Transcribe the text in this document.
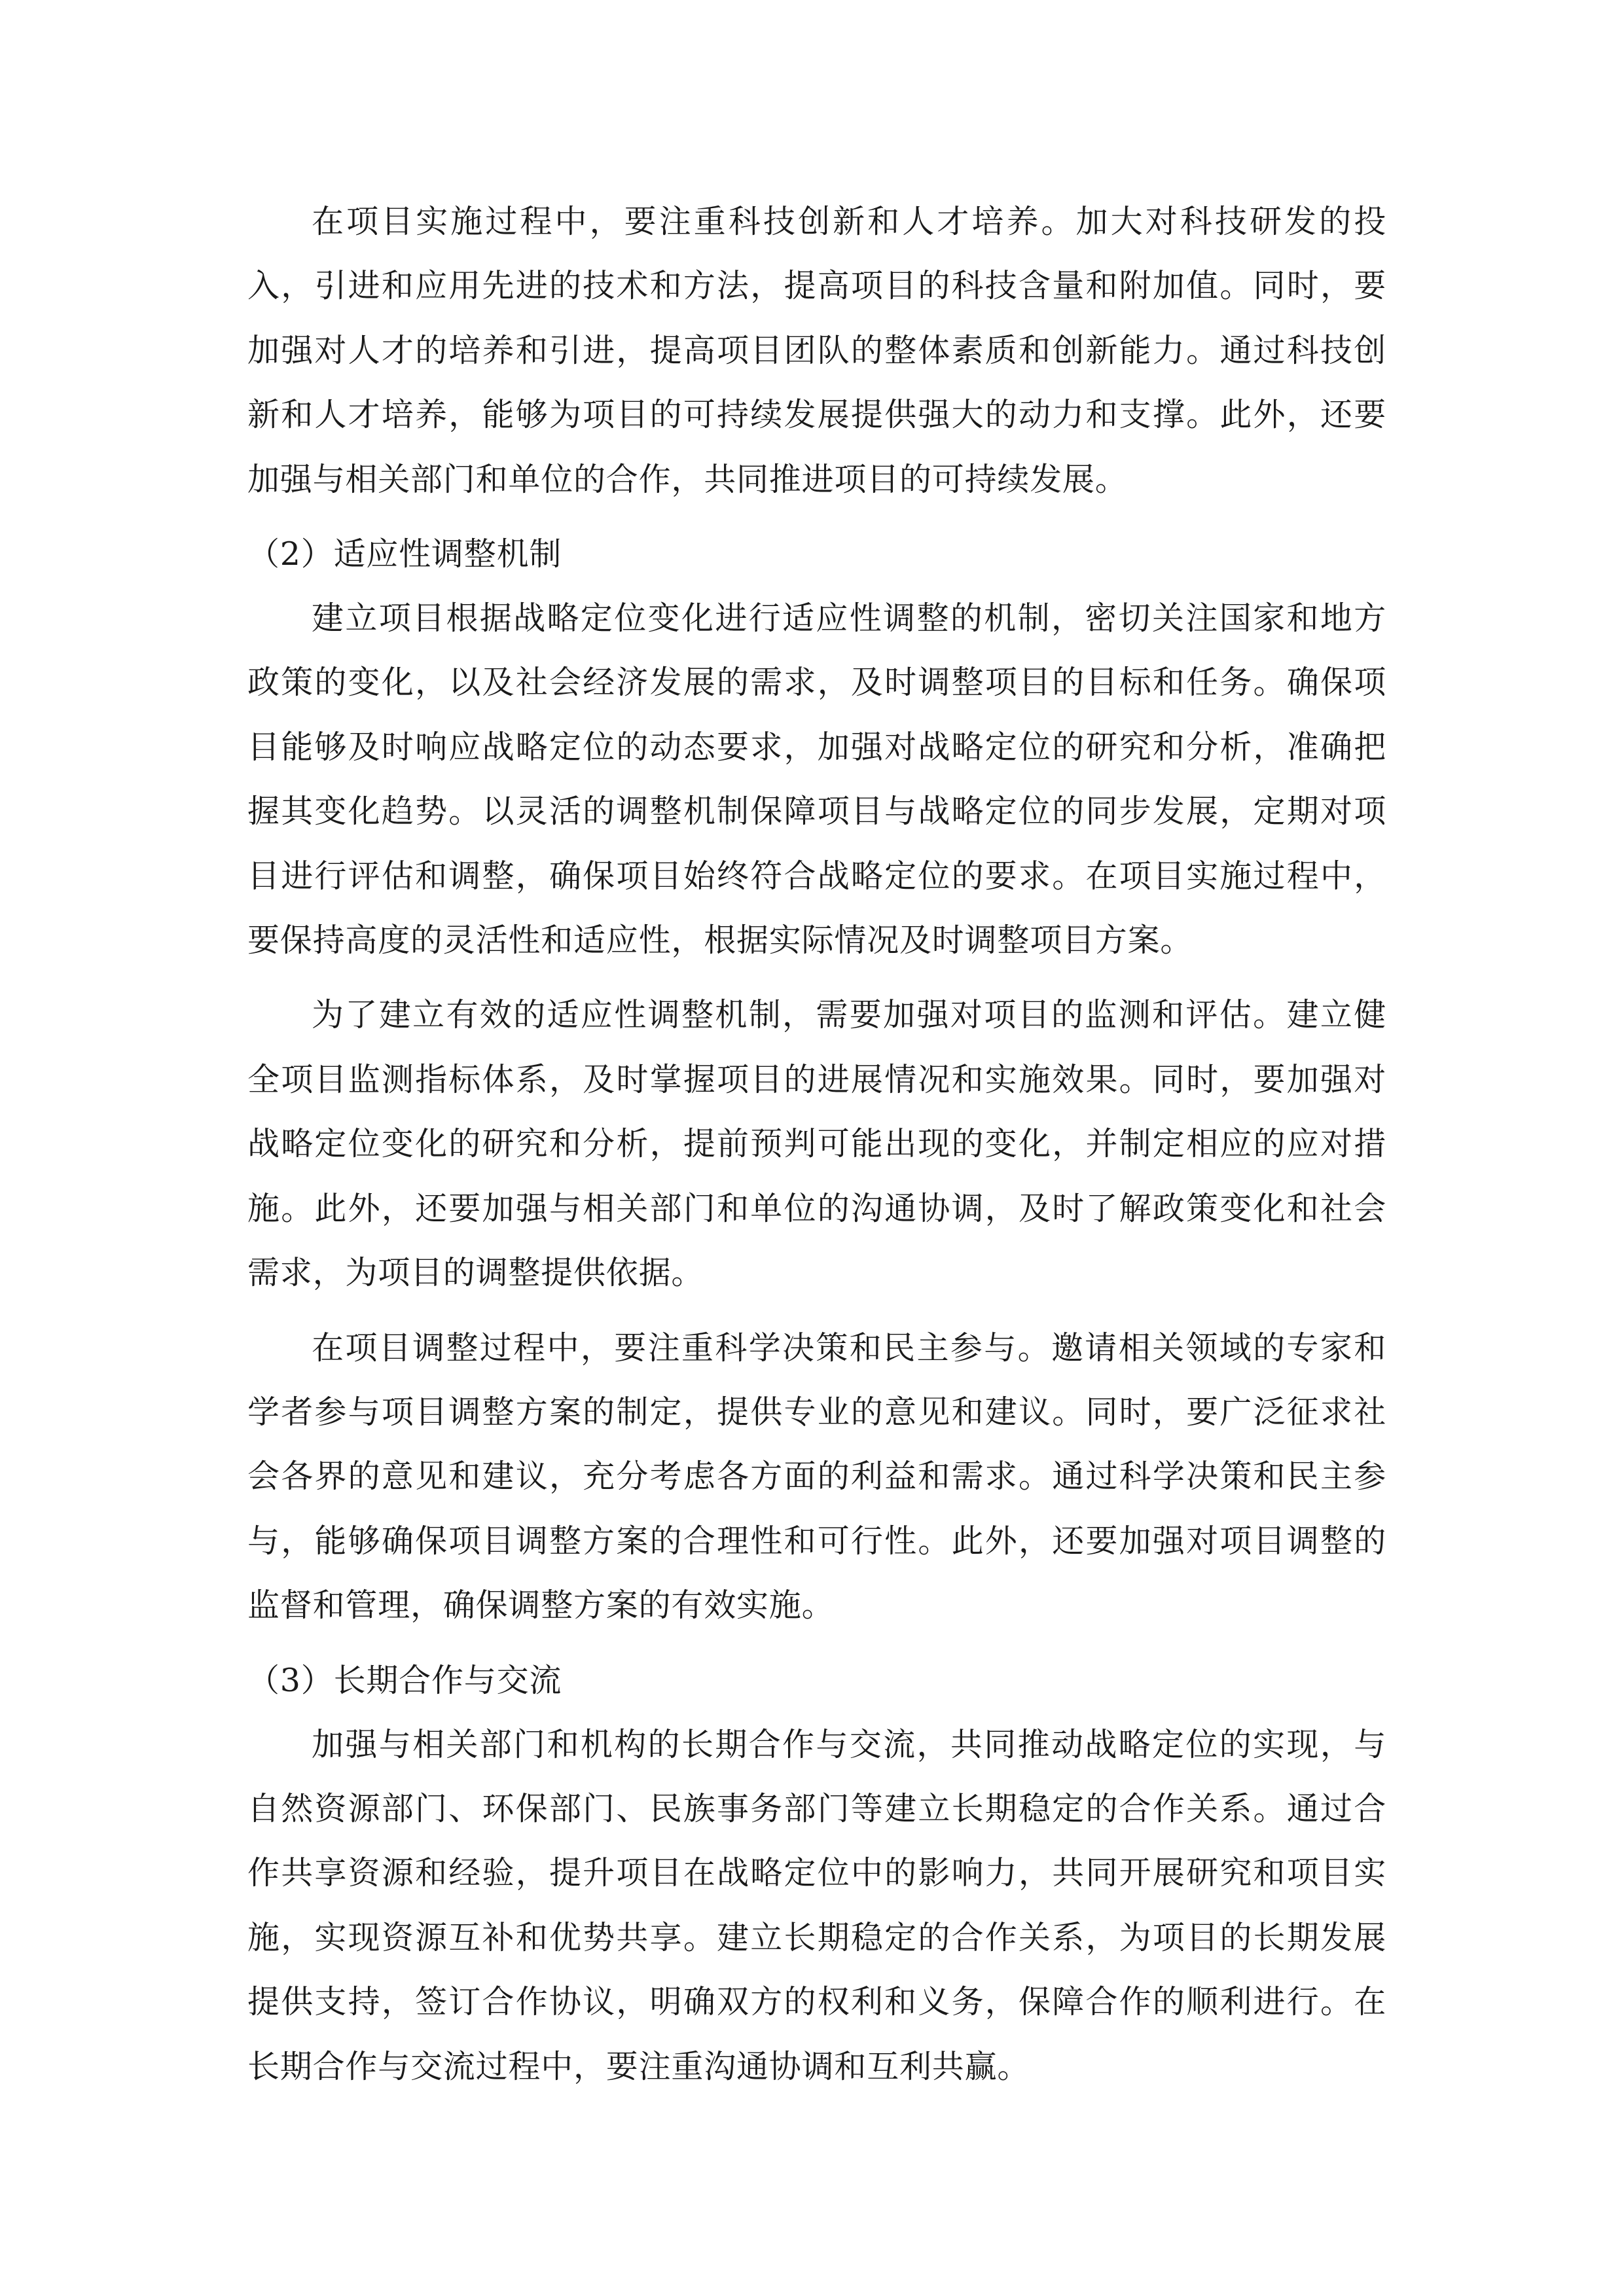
在项目实施过程中，要注重科技创新和人才培养。加大对科技研发的投入，引进和应用先进的技术和方法，提高项目的科技含量和附加值。同时，要加强对人才的培养和引进，提高项目团队的整体素质和创新能力。通过科技创新和人才培养，能够为项目的可持续发展提供强大的动力和支撑。此外，还要加强与相关部门和单位的合作，共同推进项目的可持续发展。

（2）适应性调整机制

建立项目根据战略定位变化进行适应性调整的机制，密切关注国家和地方政策的变化，以及社会经济发展的需求，及时调整项目的目标和任务。确保项目能够及时响应战略定位的动态要求，加强对战略定位的研究和分析，准确把握其变化趋势。以灵活的调整机制保障项目与战略定位的同步发展，定期对项目进行评估和调整，确保项目始终符合战略定位的要求。在项目实施过程中，要保持高度的灵活性和适应性，根据实际情况及时调整项目方案。

为了建立有效的适应性调整机制，需要加强对项目的监测和评估。建立健全项目监测指标体系，及时掌握项目的进展情况和实施效果。同时，要加强对战略定位变化的研究和分析，提前预判可能出现的变化，并制定相应的应对措施。此外，还要加强与相关部门和单位的沟通协调，及时了解政策变化和社会需求，为项目的调整提供依据。

在项目调整过程中，要注重科学决策和民主参与。邀请相关领域的专家和学者参与项目调整方案的制定，提供专业的意见和建议。同时，要广泛征求社会各界的意见和建议，充分考虑各方面的利益和需求。通过科学决策和民主参与，能够确保项目调整方案的合理性和可行性。此外，还要加强对项目调整的监督和管理，确保调整方案的有效实施。

（3）长期合作与交流

加强与相关部门和机构的长期合作与交流，共同推动战略定位的实现，与自然资源部门、环保部门、民族事务部门等建立长期稳定的合作关系。通过合作共享资源和经验，提升项目在战略定位中的影响力，共同开展研究和项目实施，实现资源互补和优势共享。建立长期稳定的合作关系，为项目的长期发展提供支持，签订合作协议，明确双方的权利和义务，保障合作的顺利进行。在长期合作与交流过程中，要注重沟通协调和互利共赢。
